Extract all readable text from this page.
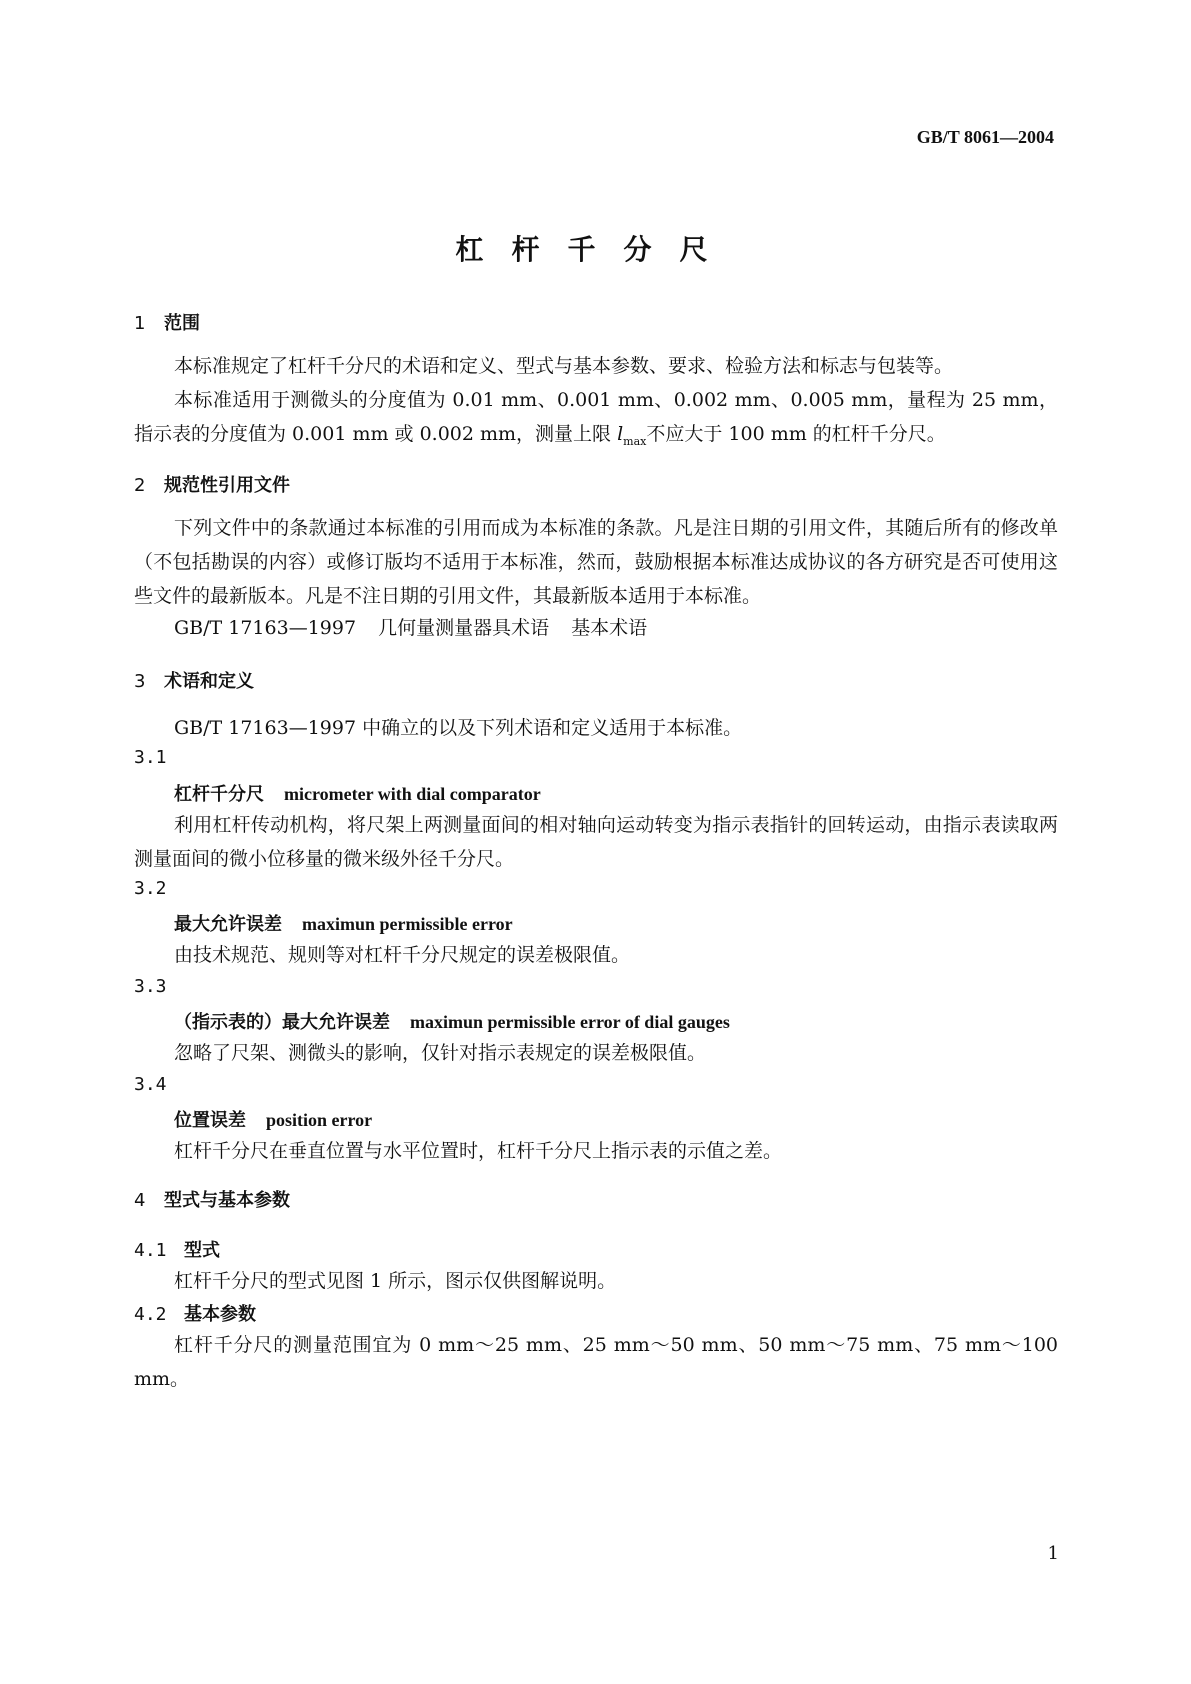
GB/T 8061—2004
杠杆千分尺
1 范围
本标准规定了杠杆千分尺的术语和定义、型式与基本参数、要求、检验方法和标志与包装等。
本标准适用于测微头的分度值为 0.01 mm、0.001 mm、0.002 mm、0.005 mm，量程为 25 mm，指示表的分度值为 0.001 mm 或 0.002 mm，测量上限 $l_{max}$不应大于 100 mm 的杠杆千分尺。
2 规范性引用文件
下列文件中的条款通过本标准的引用而成为本标准的条款。凡是注日期的引用文件，其随后所有的修改单（不包括勘误的内容）或修订版均不适用于本标准，然而，鼓励根据本标准达成协议的各方研究是否可使用这些文件的最新版本。凡是不注日期的引用文件，其最新版本适用于本标准。
GB/T 17163—1997 几何量测量器具术语 基本术语
3 术语和定义
GB/T 17163—1997 中确立的以及下列术语和定义适用于本标准。
3.1
杠杆千分尺 micrometer with dial comparator
利用杠杆传动机构，将尺架上两测量面间的相对轴向运动转变为指示表指针的回转运动，由指示表读取两测量面间的微小位移量的微米级外径千分尺。
3.2
最大允许误差 maximun permissible error
由技术规范、规则等对杠杆千分尺规定的误差极限值。
3.3
（指示表的）最大允许误差 maximun permissible error of dial gauges
忽略了尺架、测微头的影响，仅针对指示表规定的误差极限值。
3.4
位置误差 position error
杠杆千分尺在垂直位置与水平位置时，杠杆千分尺上指示表的示值之差。
4 型式与基本参数
4.1 型式
杠杆千分尺的型式见图 1 所示，图示仅供图解说明。
4.2 基本参数
杠杆千分尺的测量范围宜为 0 mm～25 mm、25 mm～50 mm、50 mm～75 mm、75 mm～100 mm。
1
